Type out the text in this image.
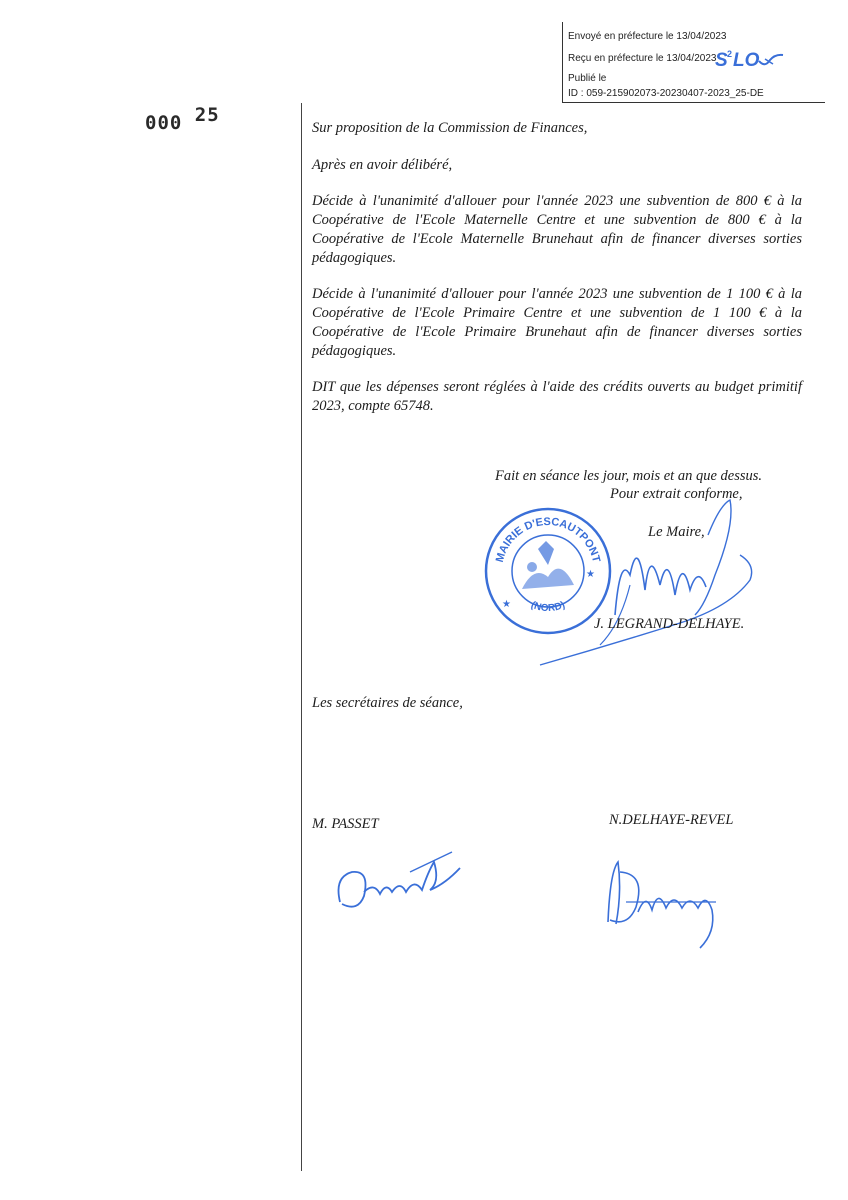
Envoyé en préfecture le 13/04/2023
Reçu en préfecture le 13/04/2023
Publié le
ID : 059-215902073-20230407-2023_25-DE
S 2 LO
000 25

Sur proposition de la Commission de Finances,

Après en avoir délibéré,

Décide à l'unanimité d'allouer pour l'année 2023 une subvention de 800 € à la Coopérative de l'Ecole Maternelle Centre et une subvention de 800 € à la Coopérative de l'Ecole Maternelle Brunehaut afin de financer diverses sorties pédagogiques.

Décide à l'unanimité d'allouer pour l'année 2023 une subvention de 1 100 € à la Coopérative de l'Ecole Primaire Centre et une subvention de 1 100 € à la Coopérative de l'Ecole Primaire Brunehaut afin de financer diverses sorties pédagogiques.

DIT que les dépenses seront réglées à l'aide des crédits ouverts au budget primitif 2023, compte 65748.

Fait en séance les jour, mois et an que dessus.
Pour extrait conforme,
Le Maire,
MAIRIE D'ESCAUTPONT
(NORD)
★
★
J. LEGRAND-DELHAYE.
Les secrétaires de séance,
M. PASSET	N.DELHAYE-REVEL
